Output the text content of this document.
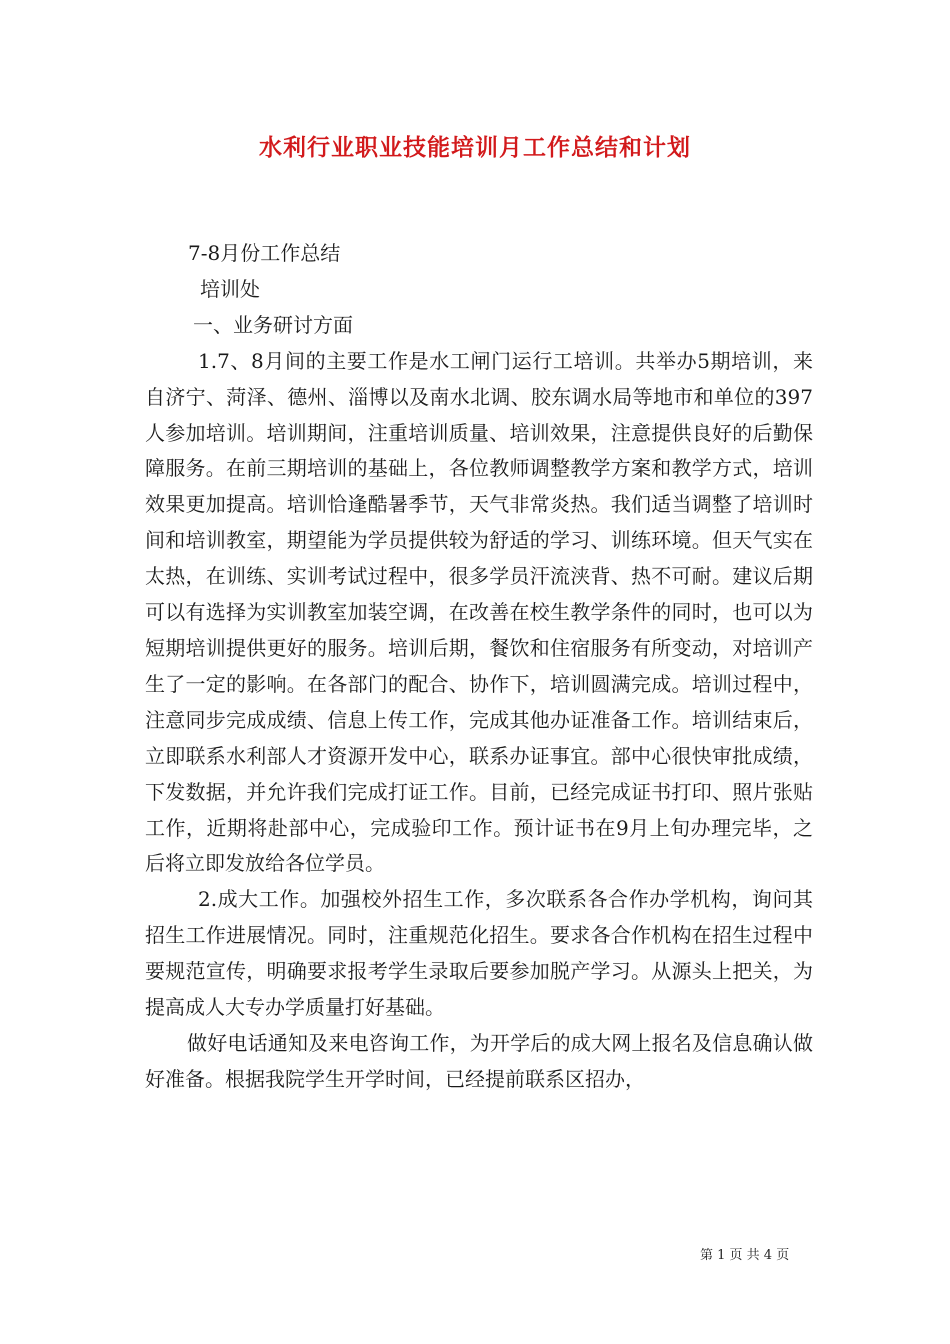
水利行业职业技能培训月工作总结和计划

7-8月份工作总结

培训处

一、业务研讨方面

1.7、8月间的主要工作是水工闸门运行工培训。共举办5期培训，来自济宁、菏泽、德州、淄博以及南水北调、胶东调水局等地市和单位的397人参加培训。培训期间，注重培训质量、培训效果，注意提供良好的后勤保障服务。在前三期培训的基础上，各位教师调整教学方案和教学方式，培训效果更加提高。培训恰逢酷暑季节，天气非常炎热。我们适当调整了培训时间和培训教室，期望能为学员提供较为舒适的学习、训练环境。但天气实在太热，在训练、实训考试过程中，很多学员汗流浃背、热不可耐。建议后期可以有选择为实训教室加装空调，在改善在校生教学条件的同时，也可以为短期培训提供更好的服务。培训后期，餐饮和住宿服务有所变动，对培训产生了一定的影响。在各部门的配合、协作下，培训圆满完成。培训过程中，注意同步完成成绩、信息上传工作，完成其他办证准备工作。培训结束后，立即联系水利部人才资源开发中心，联系办证事宜。部中心很快审批成绩，下发数据，并允许我们完成打证工作。目前，已经完成证书打印、照片张贴工作，近期将赴部中心，完成验印工作。预计证书在9月上旬办理完毕，之后将立即发放给各位学员。

2.成大工作。加强校外招生工作，多次联系各合作办学机构，询问其招生工作进展情况。同时，注重规范化招生。要求各合作机构在招生过程中要规范宣传，明确要求报考学生录取后要参加脱产学习。从源头上把关，为提高成人大专办学质量打好基础。

做好电话通知及来电咨询工作，为开学后的成大网上报名及信息确认做好准备。根据我院学生开学时间，已经提前联系区招办，

第 1 页 共 4 页
